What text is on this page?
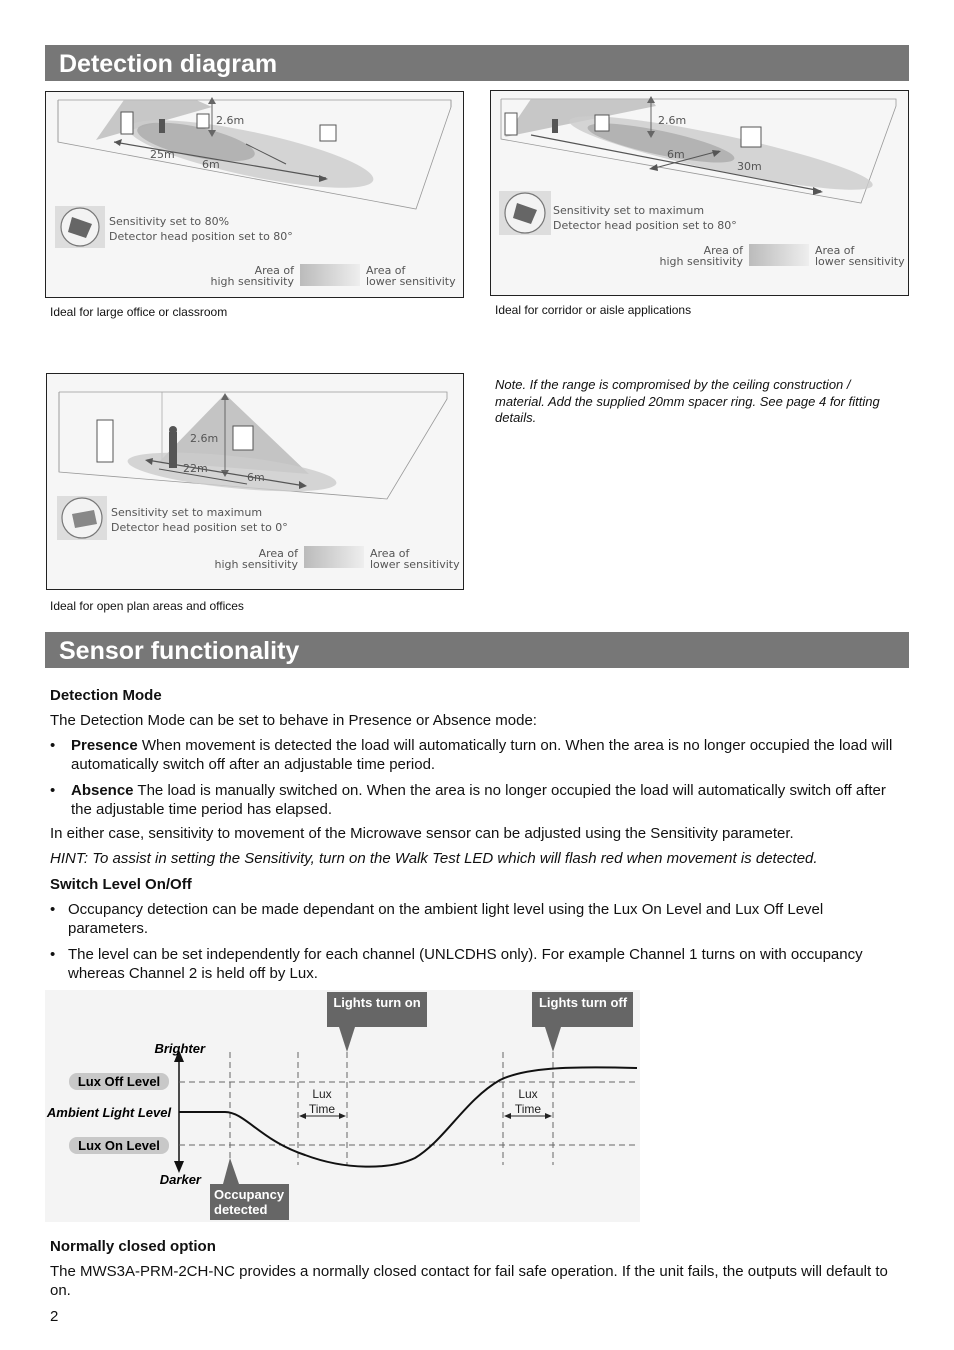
Detection diagram
2.6m
25m
6m
Sensitivity set to 80%
Detector head position set to 80°
Area of
high sensitivity
Area of
lower sensitivity
Ideal for large office or classroom
2.6m
30m
6m
Sensitivity set to maximum
Detector head position set to 80°
Area of
high sensitivity
Area of
lower sensitivity
Ideal for corridor or aisle applications
2.6m
22m
6m
Sensitivity set to maximum
Detector head position set to 0°
Area of
high sensitivity
Area of
lower sensitivity
Ideal for open plan areas and offices
Note. If the range is compromised by the ceiling construction / material. Add the supplied 20mm spacer ring. See page 4 for fitting details.
Sensor functionality
Detection Mode
The Detection Mode can be set to behave in Presence or Absence mode:
• Presence When movement is detected the load will automatically turn on. When the area is no longer occupied the load will automatically switch off after an adjustable time period.
• Absence The load is manually switched on. When the area is no longer occupied the load will automatically switch off after the adjustable time period has elapsed.
In either case, sensitivity to movement of the Microwave sensor can be adjusted using the Sensitivity parameter.
HINT: To assist in setting the Sensitivity, turn on the Walk Test LED which will flash red when movement is detected.
Switch Level On/Off
• Occupancy detection can be made dependant on the ambient light level using the Lux On Level and Lux Off Level parameters.
• The level can be set independently for each channel (UNLCDHS only). For example Channel 1 turns on with occupancy whereas Channel 2 is held off by Lux.
Lights turn on	Lights turn off
Brighter
Darker
Lux Off Level
Ambient Light Level
Lux On Level
Lux
Time
Lux
Time
Occupancy
detected
Normally closed option
The MWS3A-PRM-2CH-NC provides a normally closed contact for fail safe operation. If the unit fails, the outputs will default to on.
2
